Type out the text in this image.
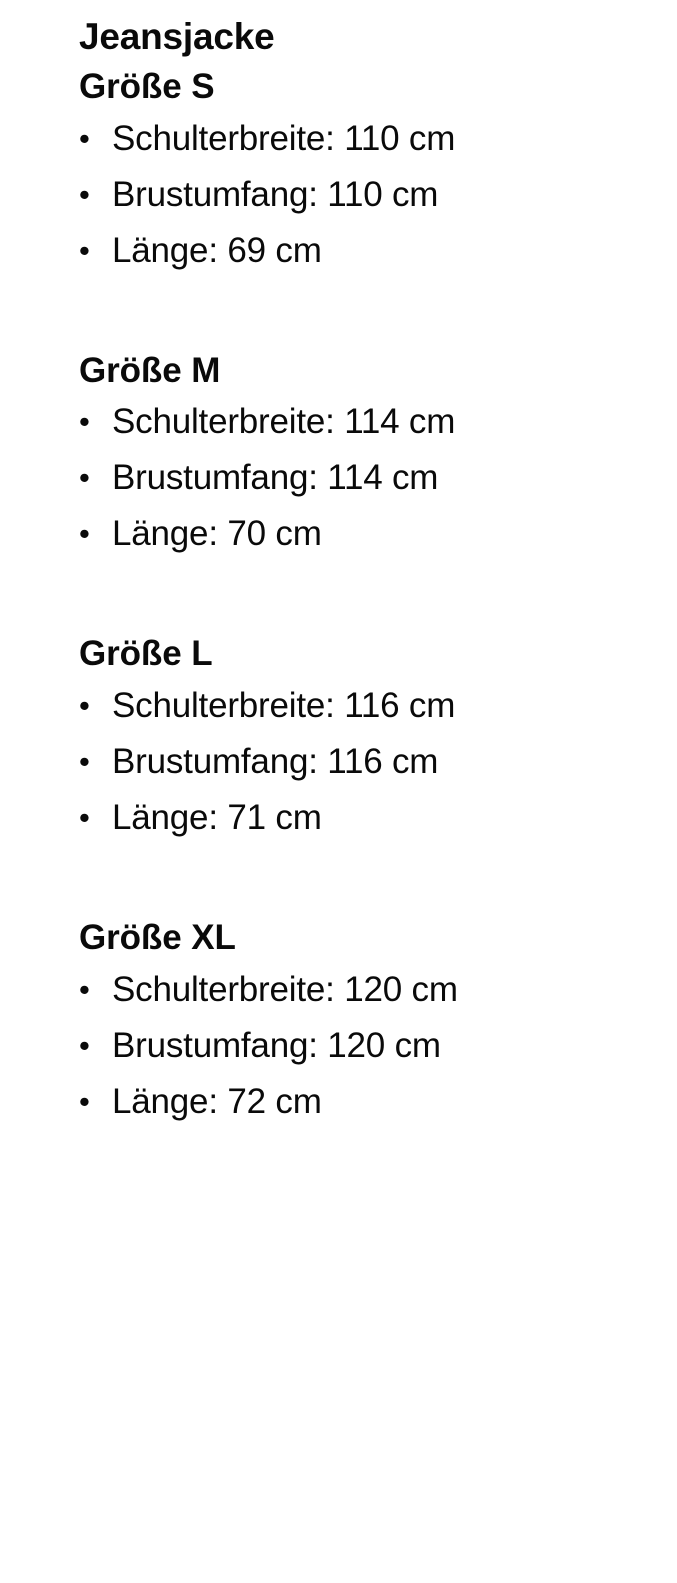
Jeansjacke
Größe S
• Schulterbreite: 110 cm
• Brustumfang: 110 cm
• Länge: 69 cm
Größe M
• Schulterbreite: 114 cm
• Brustumfang: 114 cm
• Länge: 70 cm
Größe L
• Schulterbreite: 116 cm
• Brustumfang: 116 cm
• Länge: 71 cm
Größe XL
• Schulterbreite: 120 cm
• Brustumfang: 120 cm
• Länge: 72 cm
